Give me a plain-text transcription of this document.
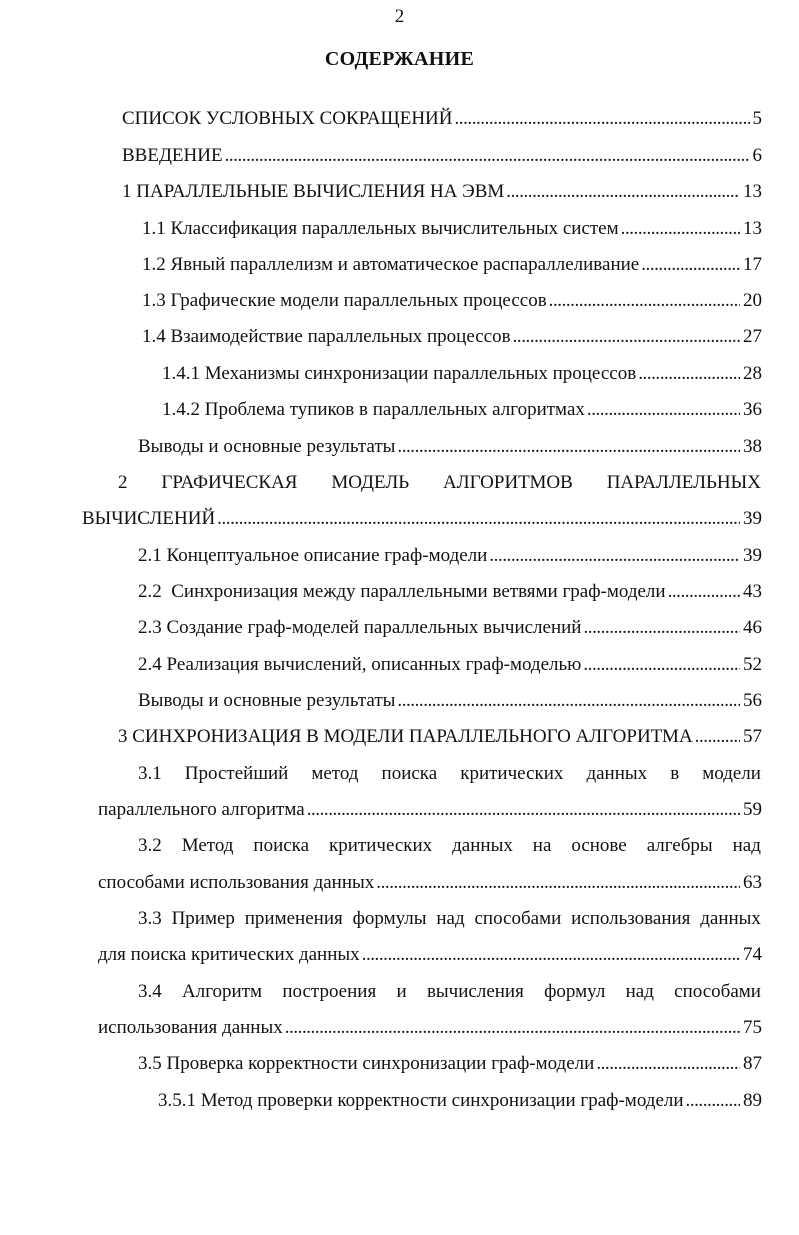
2
СОДЕРЖАНИЕ
СПИСОК УСЛОВНЫХ СОКРАЩЕНИЙ . . .	5
ВВЕДЕНИЕ . . .	6
1 ПАРАЛЛЕЛЬНЫЕ ВЫЧИСЛЕНИЯ НА ЭВМ . . .	13
1.1 Классификация параллельных вычислительных систем . . .	13
1.2 Явный параллелизм и автоматическое распараллеливание . . .	17
1.3 Графические модели параллельных процессов . . .	20
1.4 Взаимодействие параллельных процессов . . .	27
1.4.1 Механизмы синхронизации параллельных процессов . . .	28
1.4.2 Проблема тупиков в параллельных алгоритмах . . .	36
Выводы и основные результаты . . .	38
2 ГРАФИЧЕСКАЯ МОДЕЛЬ АЛГОРИТМОВ ПАРАЛЛЕЛЬНЫХ
ВЫЧИСЛЕНИЙ . . .	39
2.1 Концептуальное описание граф-модели . . .	39
2.2  Синхронизация между параллельными ветвями граф-модели . . .	43
2.3 Создание граф-моделей параллельных вычислений . . .	46
2.4 Реализация вычислений, описанных граф-моделью . . .	52
Выводы и основные результаты . . .	56
3 СИНХРОНИЗАЦИЯ В МОДЕЛИ ПАРАЛЛЕЛЬНОГО АЛГОРИТМА . . .	57
3.1 Простейший метод поиска критических данных в модели
параллельного алгоритма . . .	59
3.2 Метод поиска критических данных на основе алгебры над
способами использования данных . . .	63
3.3 Пример применения формулы над способами использования данных
для поиска критических данных . . .	74
3.4 Алгоритм построения и вычисления формул над способами
использования данных . . .	75
3.5 Проверка корректности синхронизации граф-модели . . .	87
3.5.1 Метод проверки корректности синхронизации граф-модели . . .	89
